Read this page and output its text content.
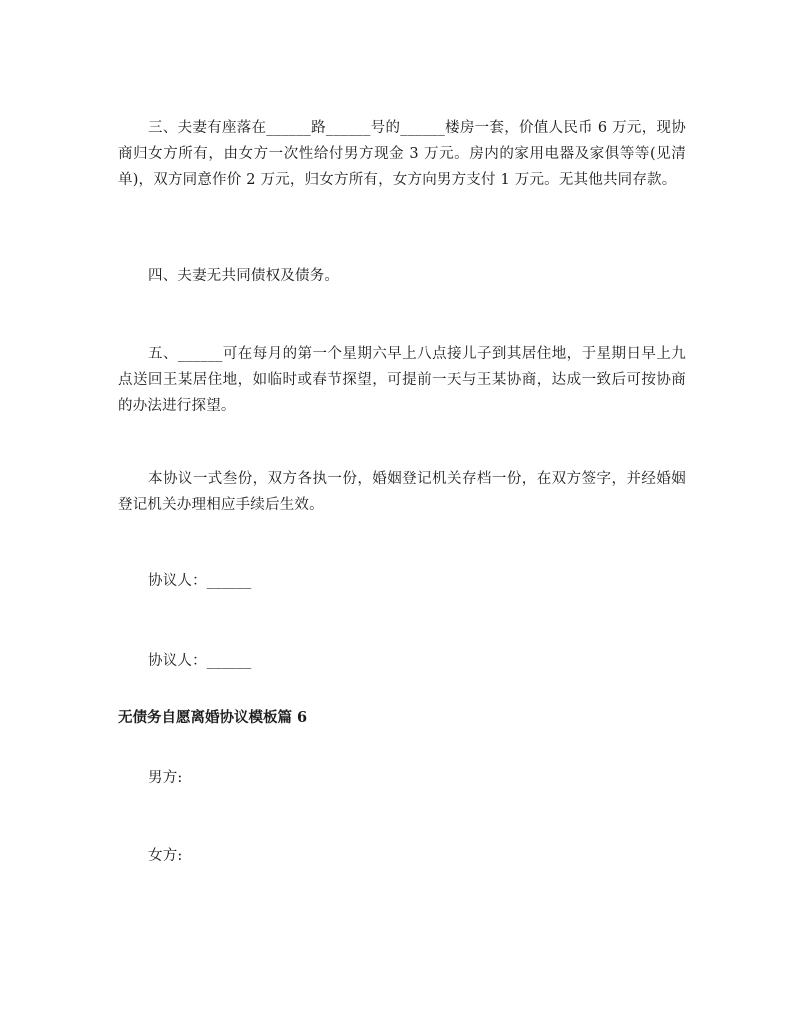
三、夫妻有座落在______路______号的______楼房一套，价值人民币 6 万元，现协商归女方所有，由女方一次性给付男方现金 3 万元。房内的家用电器及家俱等等(见清单)，双方同意作价 2 万元，归女方所有，女方向男方支付 1 万元。无其他共同存款。

四、夫妻无共同债权及债务。

五、______可在每月的第一个星期六早上八点接儿子到其居住地，于星期日早上九点送回王某居住地，如临时或春节探望，可提前一天与王某协商，达成一致后可按协商的办法进行探望。

本协议一式叁份，双方各执一份，婚姻登记机关存档一份，在双方签字，并经婚姻登记机关办理相应手续后生效。

协议人：______

协议人：______

无债务自愿离婚协议模板篇 6

男方:

女方:
